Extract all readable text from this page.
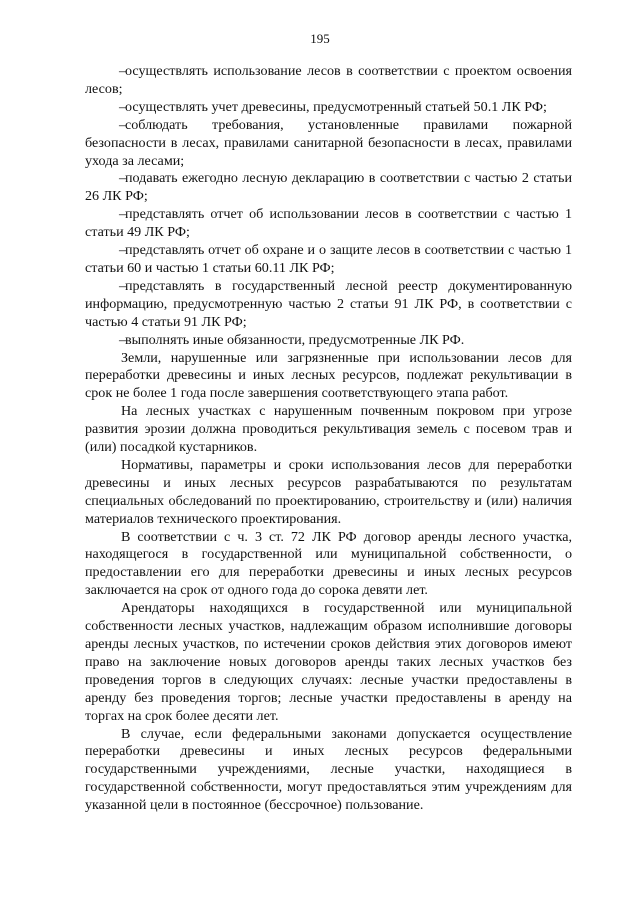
195

–
осуществлять использование лесов в соответствии с проектом освоения лесов;

–
осуществлять учет древесины, предусмотренный статьей 50.1 ЛК РФ;

–
соблюдать требования, установленные правилами пожарной безопасности в лесах, правилами санитарной безопасности в лесах, правилами ухода за лесами;

–
подавать ежегодно лесную декларацию в соответствии с частью 2 статьи 26 ЛК РФ;

–
представлять отчет об использовании лесов в соответствии с частью 1 статьи 49 ЛК РФ;

–
представлять отчет об охране и о защите лесов в соответствии с частью 1 статьи 60 и частью 1 статьи 60.11 ЛК РФ;

–
представлять в государственный лесной реестр документированную информацию, предусмотренную частью 2 статьи 91 ЛК РФ, в соответствии с частью 4 статьи 91 ЛК РФ;

–
выполнять иные обязанности, предусмотренные ЛК РФ.

Земли, нарушенные или загрязненные при использовании лесов для переработки древесины и иных лесных ресурсов, подлежат рекультивации в срок не более 1 года после завершения соответствующего этапа работ.

На лесных участках с нарушенным почвенным покровом при угрозе развития эрозии должна проводиться рекультивация земель с посевом трав и (или) посадкой кустарников.

Нормативы, параметры и сроки использования лесов для переработки древесины и иных лесных ресурсов разрабатываются по результатам специальных обследований по проектированию, строительству и (или) наличия материалов технического проектирования.

В соответствии с ч. 3 ст. 72 ЛК РФ договор аренды лесного участка, находящегося в государственной или муниципальной собственности, о предоставлении его для переработки древесины и иных лесных ресурсов заключается на срок от одного года до сорока девяти лет.

Арендаторы находящихся в государственной или муниципальной собственности лесных участков, надлежащим образом исполнившие договоры аренды лесных участков, по истечении сроков действия этих договоров имеют право на заключение новых договоров аренды таких лесных участков без проведения торгов в следующих случаях: лесные участки предоставлены в аренду без проведения торгов; лесные участки предоставлены в аренду на торгах на срок более десяти лет.

В случае, если федеральными законами допускается осуществление переработки древесины и иных лесных ресурсов федеральными государственными учреждениями, лесные участки, находящиеся в государственной собственности, могут предоставляться этим учреждениям для указанной цели в постоянное (бессрочное) пользование.
